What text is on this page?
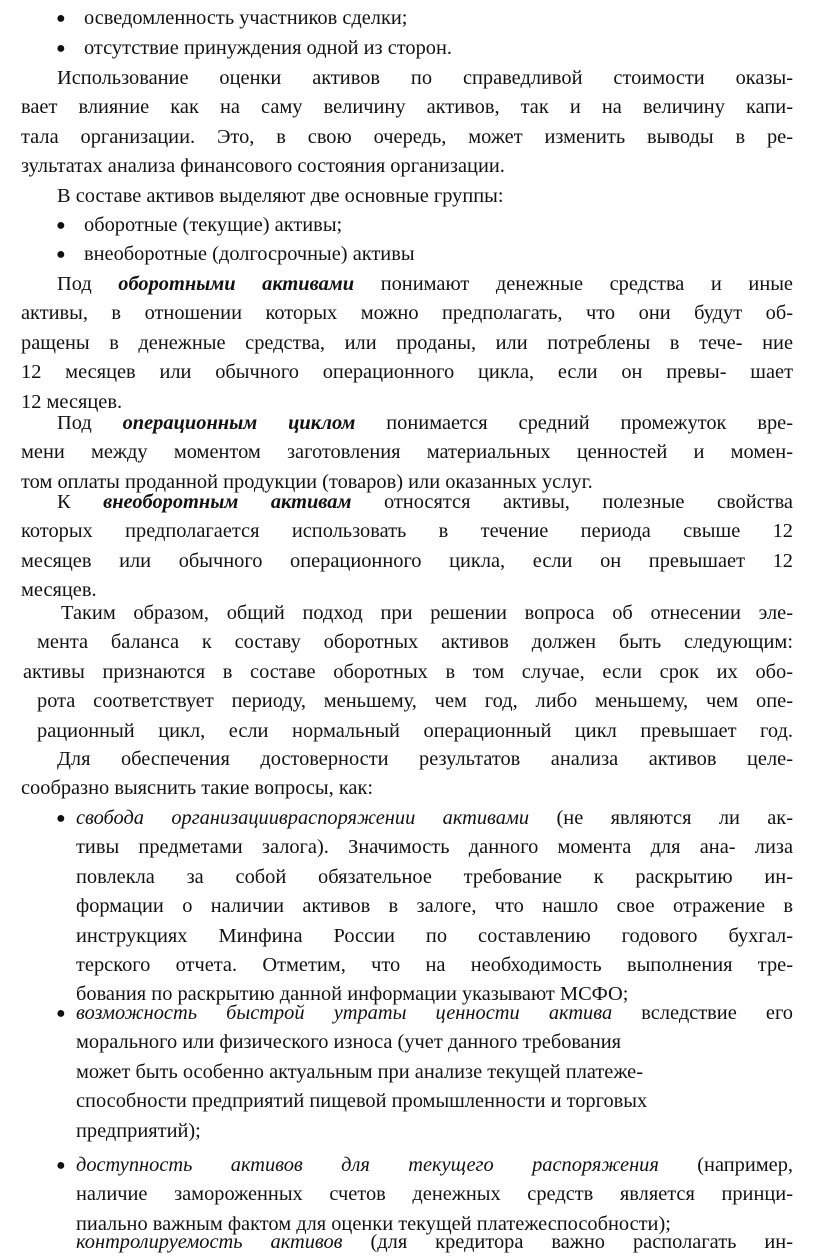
● осведомленность участников сделки;
● отсутствие принуждения одной из сторон.
Использование оценки активов по справедливой стоимости оказы-
вает влияние как на саму величину активов, так и на величину капи-
тала организации. Это, в свою очередь, может изменить выводы в ре-
зультатах анализа финансового состояния организации.
В составе активов выделяют две основные группы:
● оборотные (текущие) активы;
● внеоборотные (долгосрочные) активы
Под оборотными активами понимают денежные средства и иные
активы, в отношении которых можно предполагать, что они будут об-
ращены в денежные средства, или проданы, или потреблены в тече- ние
12 месяцев или обычного операционного цикла, если он превы- шает
12 месяцев.
Под операционным циклом понимается средний промежуток вре-
мени между моментом заготовления материальных ценностей и момен-
том оплаты проданной продукции (товаров) или оказанных услуг.
К внеоборотным активам относятся активы, полезные свойства
которых предполагается использовать в течение периода свыше 12
месяцев или обычного операционного цикла, если он превышает 12
месяцев.
Таким образом, общий подход при решении вопроса об отнесении эле-
мента баланса к составу оборотных активов должен быть следующим:
активы признаются в составе оборотных в том случае, если срок их обо-
рота соответствует периоду, меньшему, чем год, либо меньшему, чем опе-
рационный цикл, если нормальный операционный цикл превышает год.
Для обеспечения достоверности результатов анализа активов целе-
сообразно выяснить такие вопросы, как:
● свобода организацииврaспоряжении активами (не являются ли ак-
тивы предметами залога). Значимость данного момента для ана- лиза
повлекла за собой обязательное требование к раскрытию ин-
формации о наличии активов в залоге, что нашло свое отражение в
инструкциях Минфина России по составлению годового бухгал-
терского отчета. Отметим, что на необходимость выполнения тре-
бования по раскрытию данной информации указывают МСФО;
● возможность быстрой утраты ценности актива вследствие его
морального или физического износа (учет данного требования
может быть особенно актуальным при анализе текущей платеже-
способности предприятий пищевой промышленности и торговых
предприятий);
● доступность активов для текущего распоряжения (например,
наличие замороженных счетов денежных средств является принци-
пиально важным фактом для оценки текущей платежеспособности);
контролируемость активов (для кредитора важно располагать ин-
